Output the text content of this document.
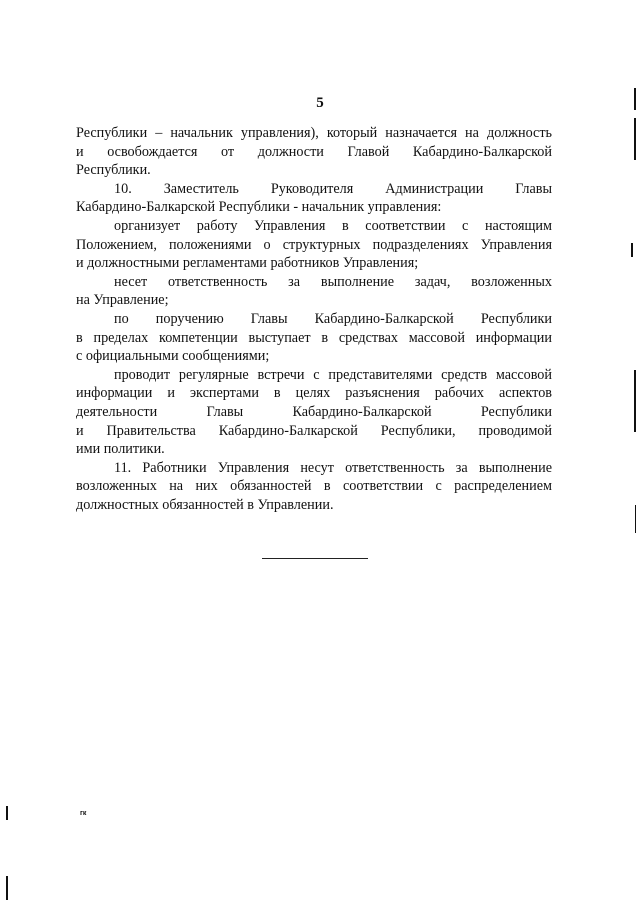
5

Республики – начальник управления), который назначается на должность
и освобождается от должности Главой Кабардино-Балкарской
Республики.

10. Заместитель Руководителя Администрации Главы

Кабардино-Балкарской Республики - начальник управления:

организует работу Управления в соответствии с настоящим

Положением, положениями о структурных подразделениях Управления
и должностными регламентами работников Управления;

несет ответственность за выполнение задач, возложенных

на Управление;

по поручению Главы Кабардино-Балкарской Республики

в пределах компетенции выступает в средствах массовой информации
с официальными сообщениями;

проводит регулярные встречи с представителями средств массовой

информации и экспертами в целях разъяснения рабочих аспектов
деятельности Главы Кабардино-Балкарской Республики
и Правительства Кабардино-Балкарской Республики, проводимой
ими политики.

11. Работники Управления несут ответственность за выполнение

возложенных на них обязанностей в соответствии с распределением
должностных обязанностей в Управлении.

гк
